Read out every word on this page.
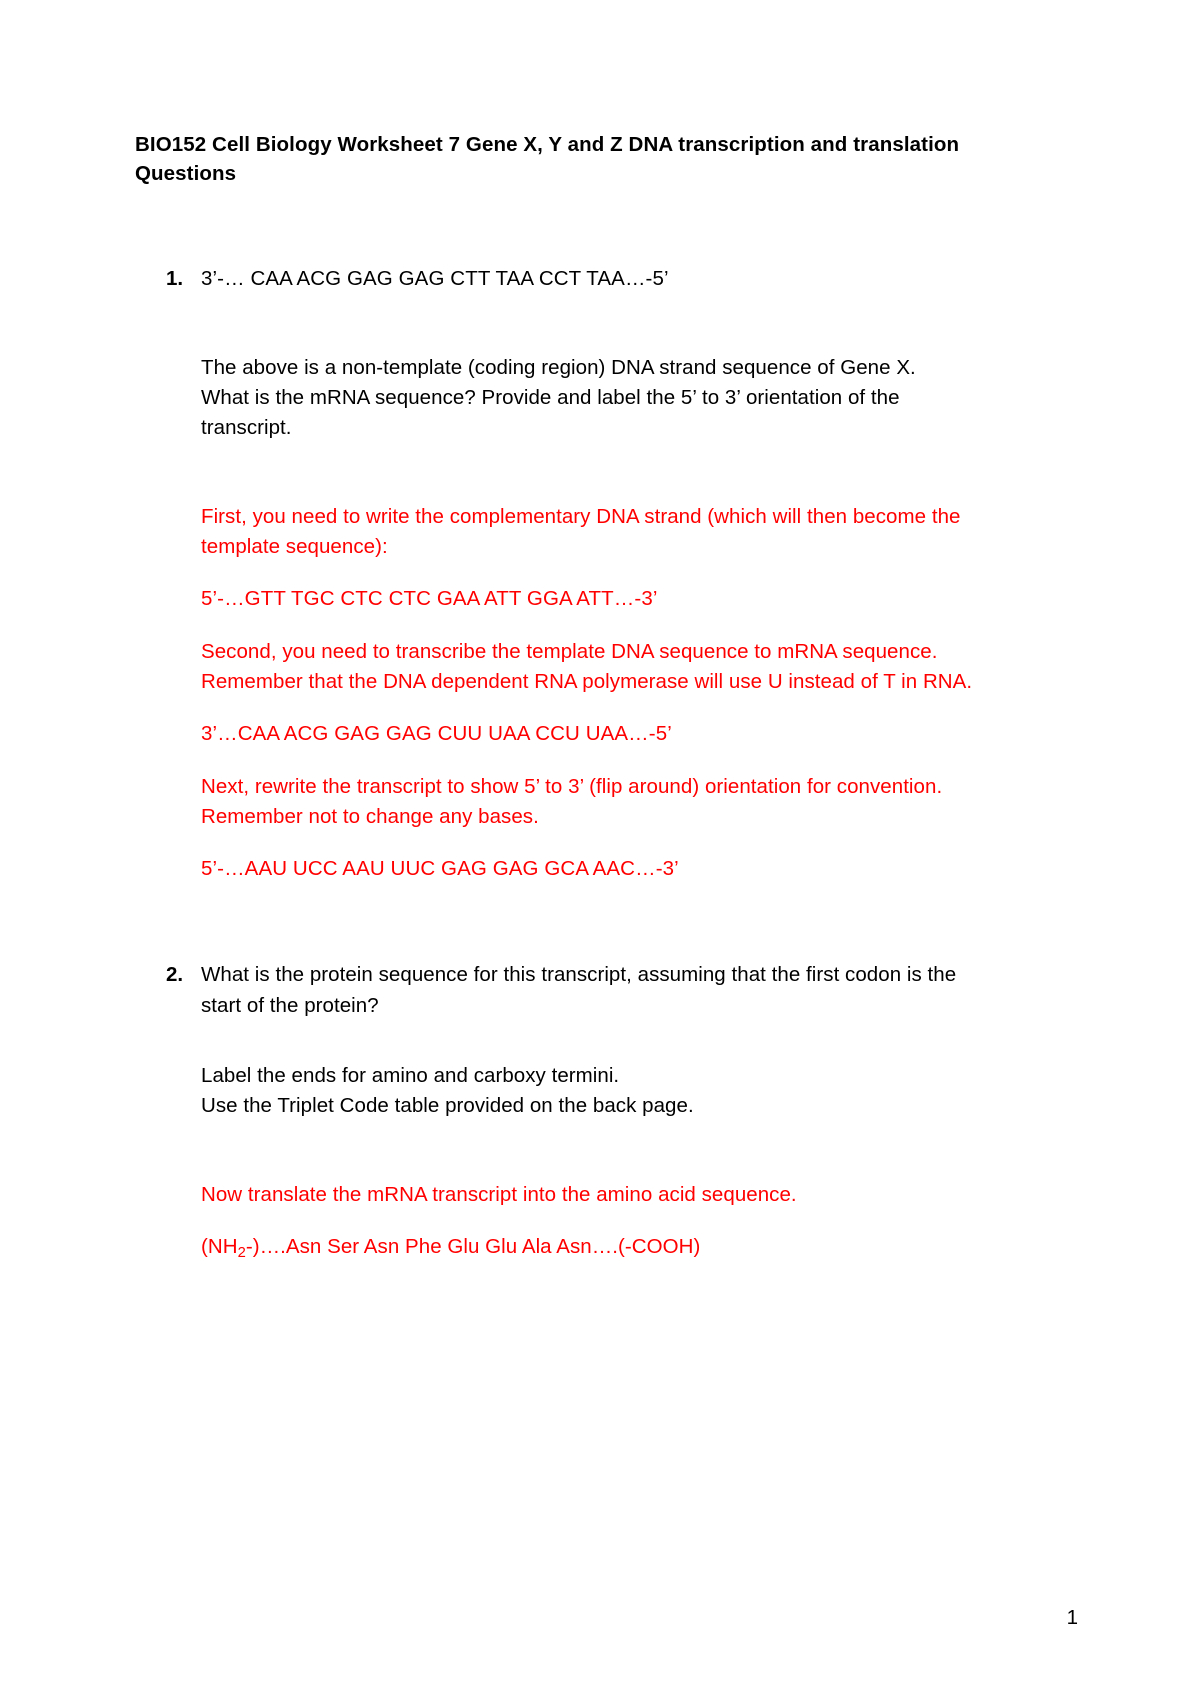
BIO152 Cell Biology Worksheet 7 Gene X, Y and Z DNA transcription and translation
Questions
1. 3’-… CAA ACG GAG GAG CTT TAA CCT TAA…-5’
The above is a non-template (coding region) DNA strand sequence of Gene X.
What is the mRNA sequence? Provide and label the 5’ to 3’ orientation of the
transcript.
First, you need to write the complementary DNA strand (which will then become the
template sequence):
5’-…GTT TGC CTC CTC GAA ATT GGA ATT…-3’
Second, you need to transcribe the template DNA sequence to mRNA sequence.
Remember that the DNA dependent RNA polymerase will use U instead of T in RNA.
3’…CAA ACG GAG GAG CUU UAA CCU UAA…-5’
Next, rewrite the transcript to show 5’ to 3’ (flip around) orientation for convention.
Remember not to change any bases.
5’-…AAU UCC AAU UUC GAG GAG GCA AAC…-3’
2. What is the protein sequence for this transcript, assuming that the first codon is the
start of the protein?
Label the ends for amino and carboxy termini.
Use the Triplet Code table provided on the back page.
Now translate the mRNA transcript into the amino acid sequence.
$(NH_2-)\dots.Asn$ Ser Asn Phe Glu Glu Ala Asn….(-COOH)
1
